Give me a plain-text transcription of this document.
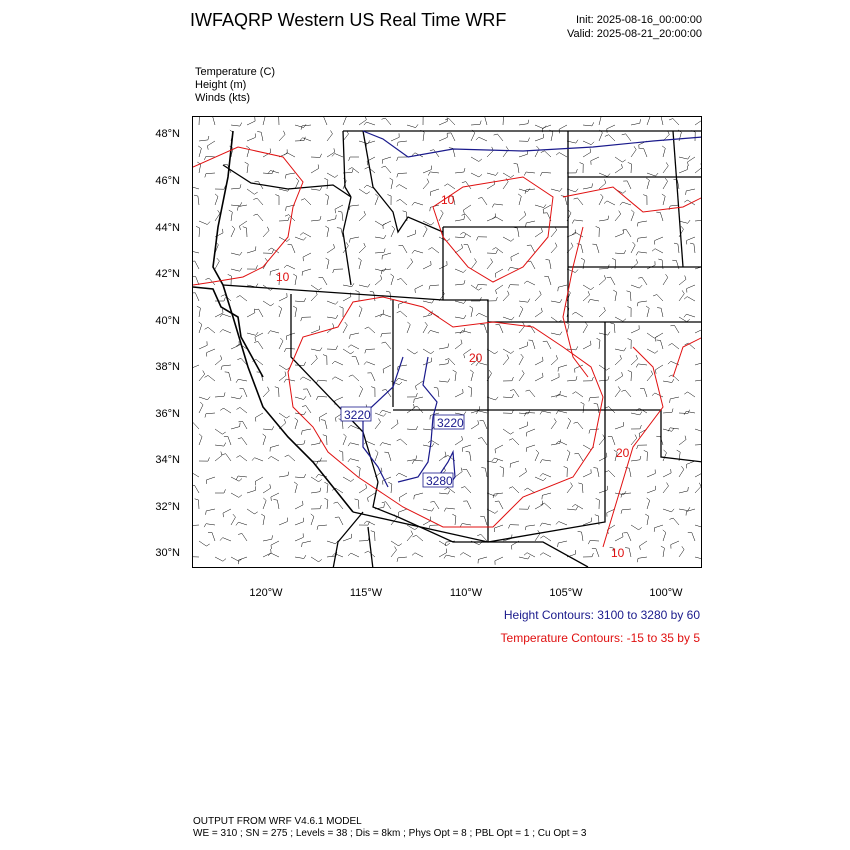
IWFAQRP Western US Real Time WRF	Init: 2025-08-16_00:00:00
Valid: 2025-08-21_20:00:00
Temperature (C)
Height (m)
Winds (kts)
48°N
46°N
44°N
42°N
40°N
38°N
36°N
34°N
32°N
30°N
120°W	115°W	110°W	105°W	100°W
3220
3220
3280
10
10
20
20
10
Height Contours: 3100 to 3280 by 60
Temperature Contours: -15 to 35 by 5
OUTPUT FROM WRF V4.6.1 MODEL
WE = 310 ; SN = 275 ; Levels = 38 ; Dis = 8km ; Phys Opt = 8 ; PBL Opt = 1 ; Cu Opt = 3
